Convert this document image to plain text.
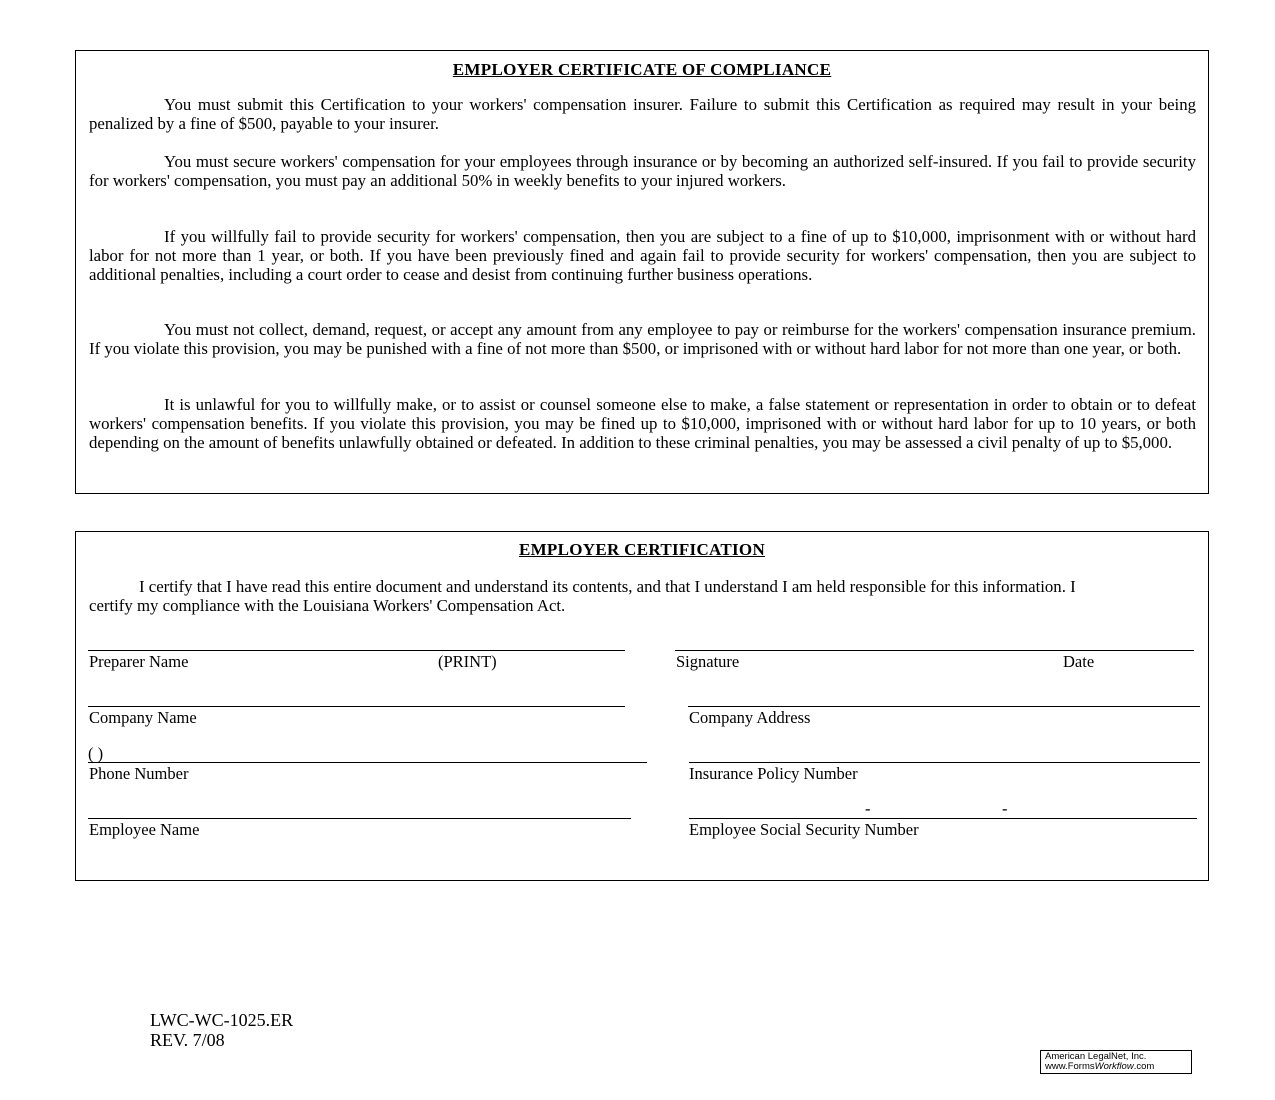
EMPLOYER CERTIFICATE OF COMPLIANCE

You must submit this Certification to your workers' compensation insurer. Failure to submit this Certification as required may result in your being penalized by a fine of $500, payable to your insurer.

You must secure workers' compensation for your employees through insurance or by becoming an authorized self-insured. If you fail to provide security for workers' compensation, you must pay an additional 50% in weekly benefits to your injured workers.

If you willfully fail to provide security for workers' compensation, then you are subject to a fine of up to $10,000, imprisonment with or without hard labor for not more than 1 year, or both. If you have been previously fined and again fail to provide security for workers' compensation, then you are subject to additional penalties, including a court order to cease and desist from continuing further business operations.

You must not collect, demand, request, or accept any amount from any employee to pay or reimburse for the workers' compensation insurance premium. If you violate this provision, you may be punished with a fine of not more than $500, or imprisoned with or without hard labor for not more than one year, or both.

It is unlawful for you to willfully make, or to assist or counsel someone else to make, a false statement or representation in order to obtain or to defeat workers' compensation benefits. If you violate this provision, you may be fined up to $10,000, imprisoned with or without hard labor for up to 10 years, or both depending on the amount of benefits unlawfully obtained or defeated. In addition to these criminal penalties, you may be assessed a civil penalty of up to $5,000.

EMPLOYER CERTIFICATION

I certify that I have read this entire document and understand its contents, and that I understand I am held responsible for this information. I certify my compliance with the Louisiana Workers' Compensation Act.

Preparer Name	(PRINT)	Signature	Date
Company Name	Company Address
( )
Phone Number	Insurance Policy Number
-	-
Employee Name	Employee Social Security Number
LWC-WC-1025.ER
REV. 7/08
American LegalNet, Inc.
www.FormsWorkflow.com
